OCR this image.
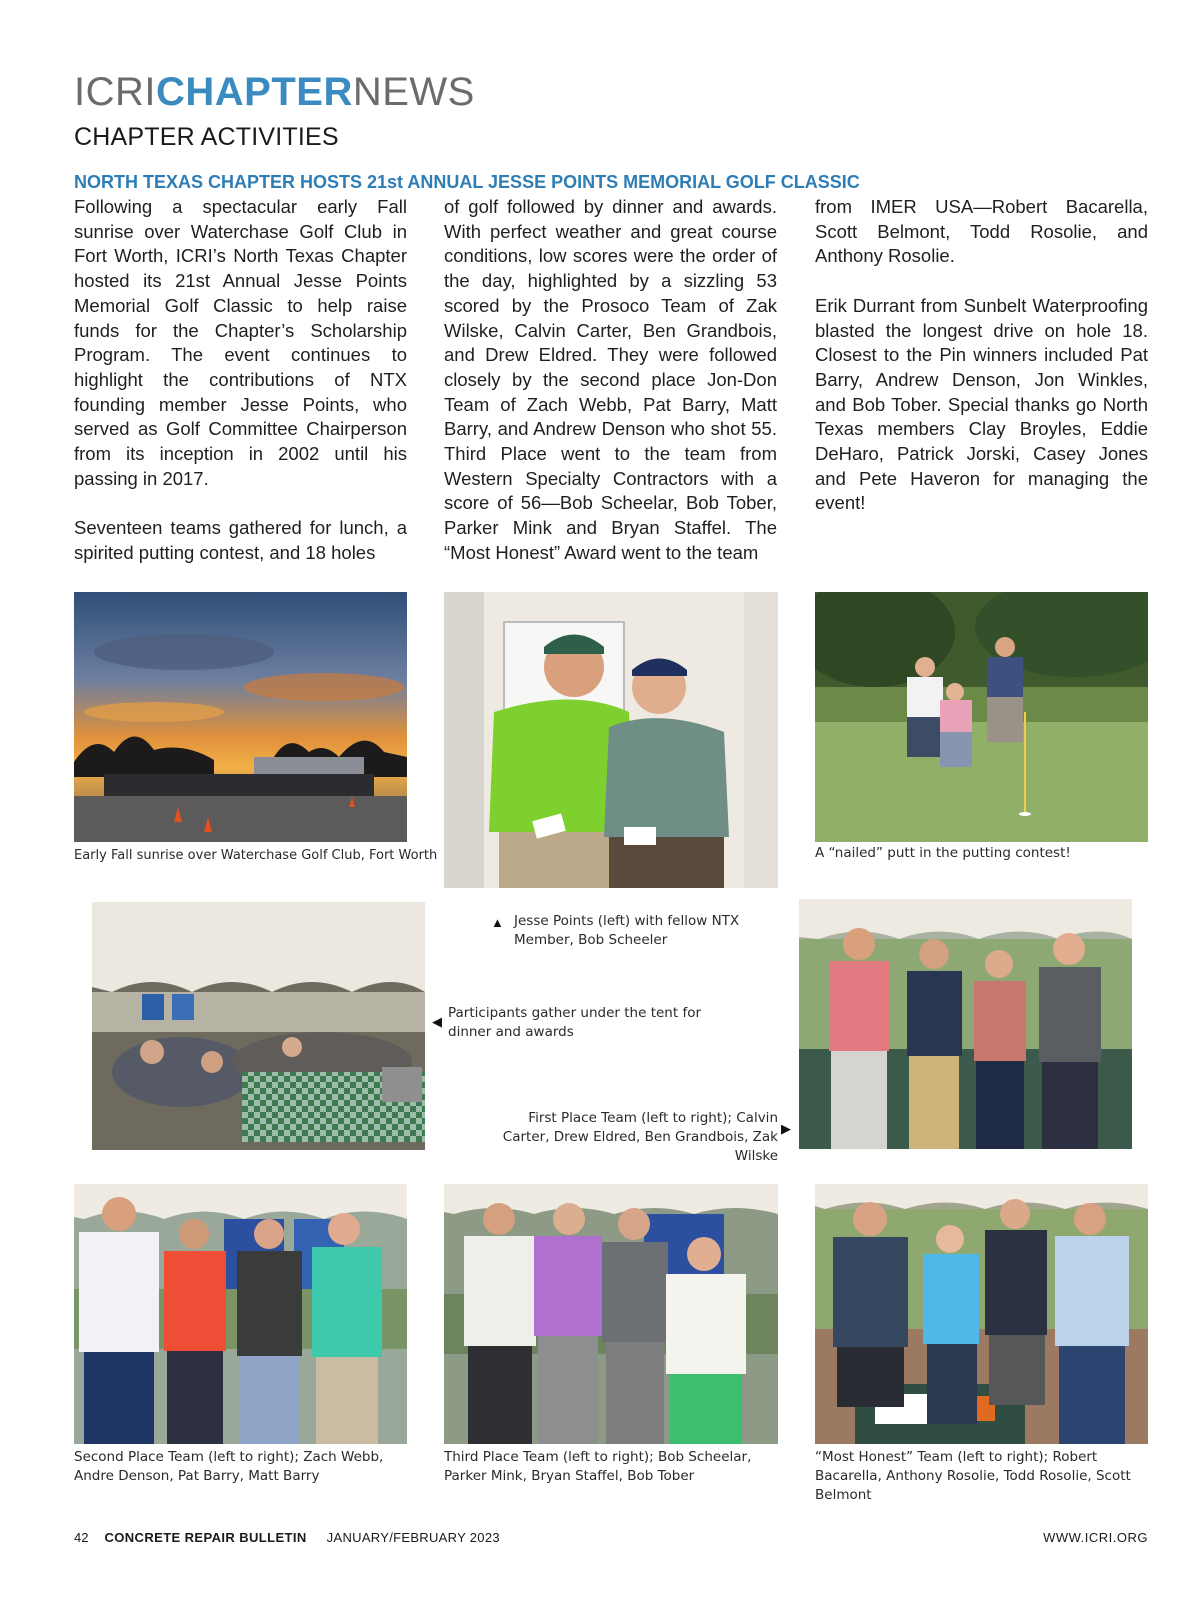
ICRICHAPTERNEWS
CHAPTER ACTIVITIES
NORTH TEXAS CHAPTER HOSTS 21st ANNUAL JESSE POINTS MEMORIAL GOLF CLASSIC

Following a spectacular early Fall sunrise over Waterchase Golf Club in Fort Worth, ICRI’s North Texas Chapter hosted its 21st Annual Jesse Points Memorial Golf Classic to help raise funds for the Chapter’s Scholarship Program. The event continues to highlight the contributions of NTX founding member Jesse Points, who served as Golf Committee Chairperson from its inception in 2002 until his passing in 2017.

Seventeen teams gathered for lunch, a spirited putting contest, and 18 holes

of golf followed by dinner and awards. With perfect weather and great course conditions, low scores were the order of the day, highlighted by a sizzling 53 scored by the Prosoco Team of Zak Wilske, Calvin Carter, Ben Grandbois, and Drew Eldred. They were followed closely by the second place Jon-Don Team of Zach Webb, Pat Barry, Matt Barry, and Andrew Denson who shot 55. Third Place went to the team from Western Specialty Contractors with a score of 56—Bob Scheelar, Bob Tober, Parker Mink and Bryan Staffel. The “Most Honest” Award went to the team

from IMER USA—Robert Bacarella, Scott Belmont, Todd Rosolie, and Anthony Rosolie.

Erik Durrant from Sunbelt Waterproofing blasted the longest drive on hole 18. Closest to the Pin winners included Pat Barry, Andrew Denson, Jon Winkles, and Bob Tober. Special thanks go North Texas members Clay Broyles, Eddie DeHaro, Patrick Jorski, Casey Jones and Pete Haveron for managing the event!

Early Fall sunrise over Waterchase Golf Club, Fort Worth
▲ Jesse Points (left) with fellow NTX Member, Bob Scheeler
A “nailed” putt in the putting contest!
◀
Participants gather under the tent for dinner and awards
First Place Team (left to right); Calvin Carter, Drew Eldred, Ben Grandbois, Zak Wilske
▶
Second Place Team (left to right); Zach Webb, Andre Denson, Pat Barry, Matt Barry
Third Place Team (left to right); Bob Scheelar, Parker Mink, Bryan Staffel, Bob Tober
“Most Honest” Team (left to right); Robert Bacarella, Anthony Rosolie, Todd Rosolie, Scott Belmont
42 CONCRETE REPAIR BULLETIN JANUARY/FEBRUARY 2023	WWW.ICRI.ORG
